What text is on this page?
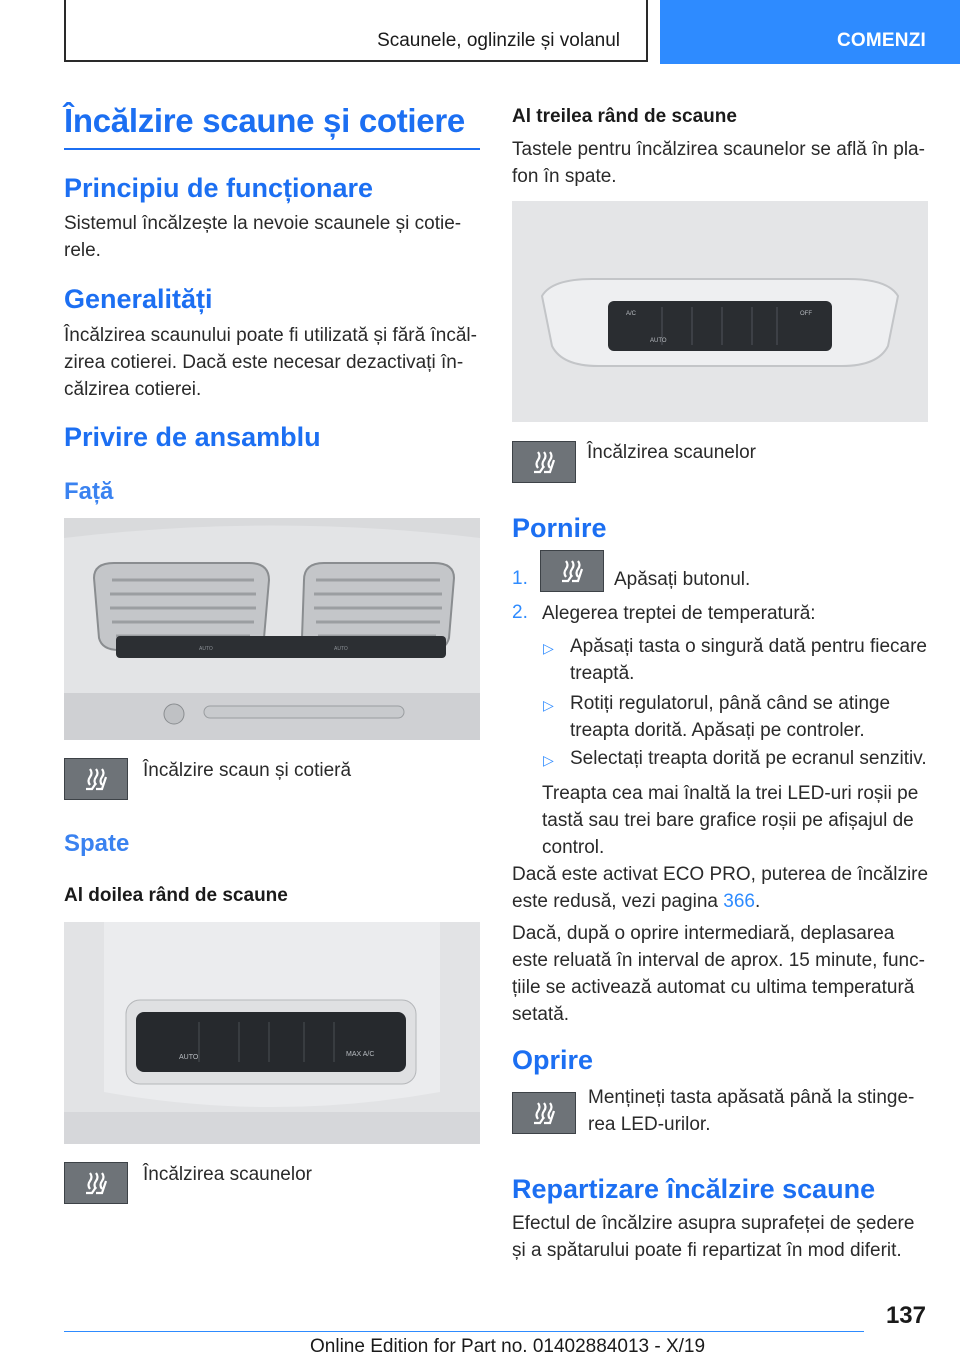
Scaunele, oglinzile și volanul	COMENZI
Încălzire scaune și cotiere
Principiu de funcționare
Sistemul încălzește la nevoie scaunele și cotie-
rele.
Generalități
Încălzirea scaunului poate fi utilizată și fără încăl-
zirea cotierei. Dacă este necesar dezactivați în-
călzirea cotierei.
Privire de ansamblu
Față
AUTO	AUTO
Încălzire scaun și cotieră
Spate
Al doilea rând de scaune
AUTO	MAX A/C
Încălzirea scaunelor
Al treilea rând de scaune
Tastele pentru încălzirea scaunelor se află în pla-
fon în spate.
A/C
AUTO
OFF
Încălzirea scaunelor
Pornire
1.	Apăsați butonul.
2. Alegerea treptei de temperatură:
▷ Apăsați tasta o singură dată pentru fiecare
treaptă.
▷ Rotiți regulatorul, până când se atinge
treapta dorită. Apăsați pe controler.
▷ Selectați treapta dorită pe ecranul senzitiv.
Treapta cea mai înaltă la trei LED-uri roșii pe
tastă sau trei bare grafice roșii pe afișajul de
control.
Dacă este activat ECO PRO, puterea de încălzire
este redusă, vezi pagina 366.
Dacă, după o oprire intermediară, deplasarea
este reluată în interval de aprox. 15 minute, func-
țiile se activează automat cu ultima temperatură
setată.
Oprire
Mențineți tasta apăsată până la stinge-
rea LED-urilor.
Repartizare încălzire scaune
Efectul de încălzire asupra suprafeței de ședere
și a spătarului poate fi repartizat în mod diferit.
137
Online Edition for Part no. 01402884013 - X/19
